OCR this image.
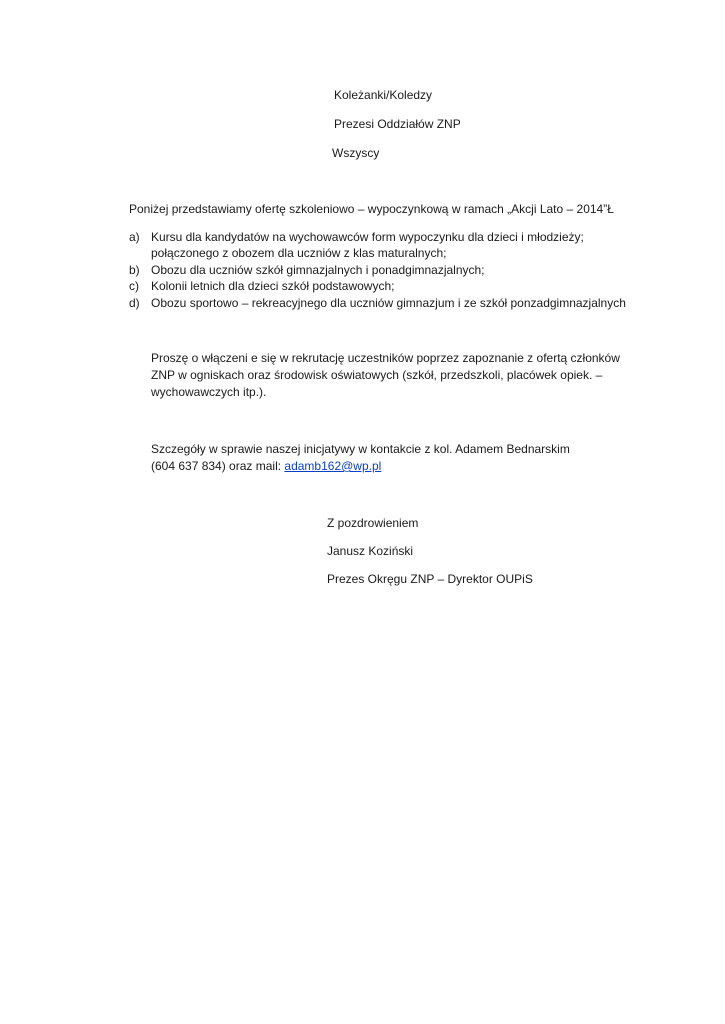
Koleżanki/Koledzy
Prezesi Oddziałów ZNP
Wszyscy
Poniżej przedstawiamy ofertę szkoleniowo – wypoczynkową w ramach „Akcji Lato – 2014”Ł
a) Kursu dla kandydatów na wychowawców form wypoczynku dla dzieci i młodzieży;
połączonego z obozem dla uczniów z klas maturalnych;
b) Obozu dla uczniów szkół gimnazjalnych i ponadgimnazjalnych;
c) Kolonii letnich dla dzieci szkół podstawowych;
d) Obozu sportowo – rekreacyjnego dla uczniów gimnazjum i ze szkół ponzadgimnazjalnych
Proszę o włączeni e się w rekrutację uczestników poprzez zapoznanie z ofertą członków
ZNP w ogniskach oraz środowisk oświatowych (szkół, przedszkoli, placówek opiek. –
wychowawczych itp.).
Szczegóły w sprawie naszej inicjatywy w kontakcie z kol. Adamem Bednarskim
(604 637 834) oraz mail: adamb162@wp.pl
Z pozdrowieniem
Janusz Koziński
Prezes Okręgu ZNP – Dyrektor OUPiS
